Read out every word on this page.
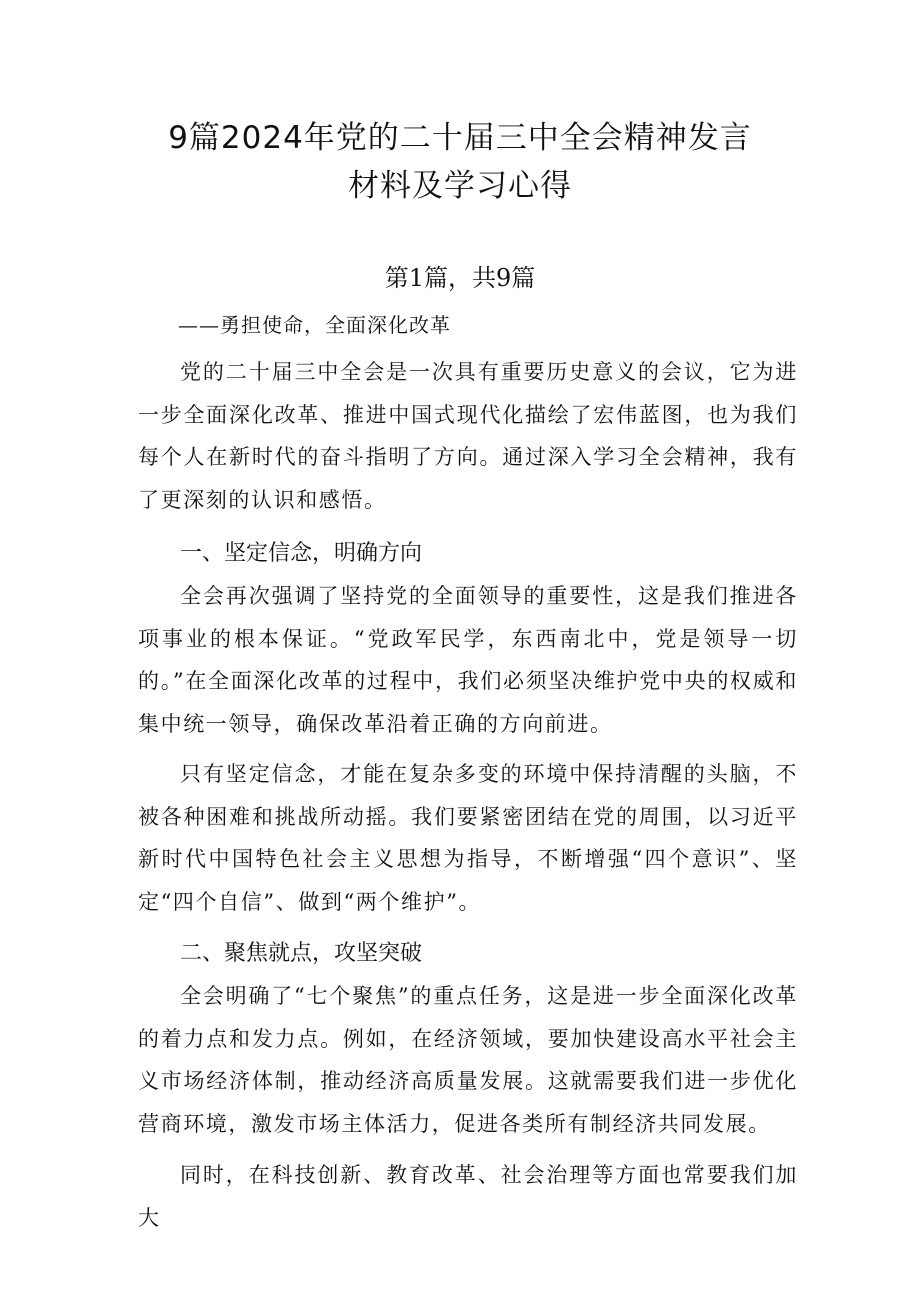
9篇2024年党的二十届三中全会精神发言
材料及学习心得
第1篇，共9篇
——勇担使命，全面深化改革

党的二十届三中全会是一次具有重要历史意义的会议，它为进一步全面深化改革、推进中国式现代化描绘了宏伟蓝图，也为我们每个人在新时代的奋斗指明了方向。通过深入学习全会精神，我有了更深刻的认识和感悟。

一、坚定信念，明确方向

全会再次强调了坚持党的全面领导的重要性，这是我们推进各项事业的根本保证。“党政军民学，东西南北中，党是领导一切的。”在全面深化改革的过程中，我们必须坚决维护党中央的权威和集中统一领导，确保改革沿着正确的方向前进。

只有坚定信念，才能在复杂多变的环境中保持清醒的头脑，不被各种困难和挑战所动摇。我们要紧密团结在党的周围，以习近平新时代中国特色社会主义思想为指导，不断增强“四个意识”、坚定“四个自信”、做到“两个维护”。

二、聚焦就点，攻坚突破

全会明确了“七个聚焦”的重点任务，这是进一步全面深化改革的着力点和发力点。例如，在经济领域，要加快建设高水平社会主义市场经济体制，推动经济高质量发展。这就需要我们进一步优化营商环境，激发市场主体活力，促进各类所有制经济共同发展。

同时，在科技创新、教育改革、社会治理等方面也常要我们加大
